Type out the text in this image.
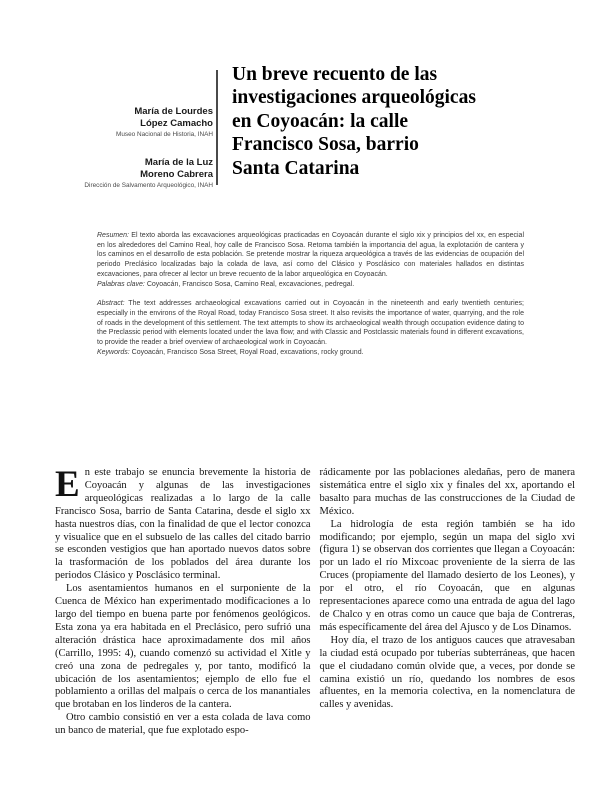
María de Lourdes
López Camacho
Museo Nacional de Historia, INAH
María de la Luz
Moreno Cabrera
Dirección de Salvamento Arqueológico, INAH
Un breve recuento de las
investigaciones arqueológicas
en Coyoacán: la calle
Francisco Sosa, barrio
Santa Catarina

Resumen: El texto aborda las excavaciones arqueológicas practicadas en Coyoacán durante el siglo xix y principios del xx, en especial en los alrededores del Camino Real, hoy calle de Francisco Sosa. Retoma también la importancia del agua, la explotación de cantera y los caminos en el desarrollo de esta población. Se pretende mostrar la riqueza arqueológica a través de las evidencias de ocupación del periodo Preclásico localizadas bajo la colada de lava, así como del Clásico y Posclásico con materiales hallados en distintas excavaciones, para ofrecer al lector un breve recuento de la labor arqueológica en Coyoacán.

Palabras clave: Coyoacán, Francisco Sosa, Camino Real, excavaciones, pedregal.

Abstract: The text addresses archaeological excavations carried out in Coyoacán in the nineteenth and early twentieth centuries; especially in the environs of the Royal Road, today Francisco Sosa street. It also revisits the importance of water, quarrying, and the role of roads in the development of this settlement. The text attempts to show its archaeological wealth through occupation evidence dating to the Preclassic period with elements located under the lava flow; and with Classic and Postclassic materials found in different excavations, to provide the reader a brief overview of archaeological work in Coyoacán.

Keywords: Coyoacán, Francisco Sosa Street, Royal Road, excavations, rocky ground.

En este trabajo se enuncia brevemente la historia de Coyoacán y algunas de las investigaciones arqueológicas realizadas a lo largo de la calle Francisco Sosa, barrio de Santa Catarina, desde el siglo xx hasta nuestros días, con la finalidad de que el lector conozca y visualice que en el subsuelo de las calles del citado barrio se esconden vestigios que han aportado nuevos datos sobre la trasformación de los poblados del área durante los periodos Clásico y Posclásico terminal.

Los asentamientos humanos en el surponiente de la Cuenca de México han experimentado modificaciones a lo largo del tiempo en buena parte por fenómenos geológicos. Esta zona ya era habitada en el Preclásico, pero sufrió una alteración drástica hace aproximadamente dos mil años (Carrillo, 1995: 4), cuando comenzó su actividad el Xitle y creó una zona de pedregales y, por tanto, modificó la ubicación de los asentamientos; ejemplo de ello fue el poblamiento a orillas del malpaís o cerca de los manantiales que brotaban en los linderos de la cantera.

Otro cambio consistió en ver a esta colada de lava como un banco de material, que fue explotado espo-

rádicamente por las poblaciones aledañas, pero de manera sistemática entre el siglo xix y finales del xx, aportando el basalto para muchas de las construcciones de la Ciudad de México.

La hidrología de esta región también se ha ido modificando; por ejemplo, según un mapa del siglo xvi (figura 1) se observan dos corrientes que llegan a Coyoacán: por un lado el río Mixcoac proveniente de la sierra de las Cruces (propiamente del llamado desierto de los Leones), y por el otro, el río Coyoacán, que en algunas representaciones aparece como una entrada de agua del lago de Chalco y en otras como un cauce que baja de Contreras, más específicamente del área del Ajusco y de Los Dinamos.

Hoy día, el trazo de los antiguos cauces que atravesaban la ciudad está ocupado por tuberías subterráneas, que hacen que el ciudadano común olvide que, a veces, por donde se camina existió un río, quedando los nombres de esos afluentes, en la memoria colectiva, en la nomenclatura de calles y avenidas.
